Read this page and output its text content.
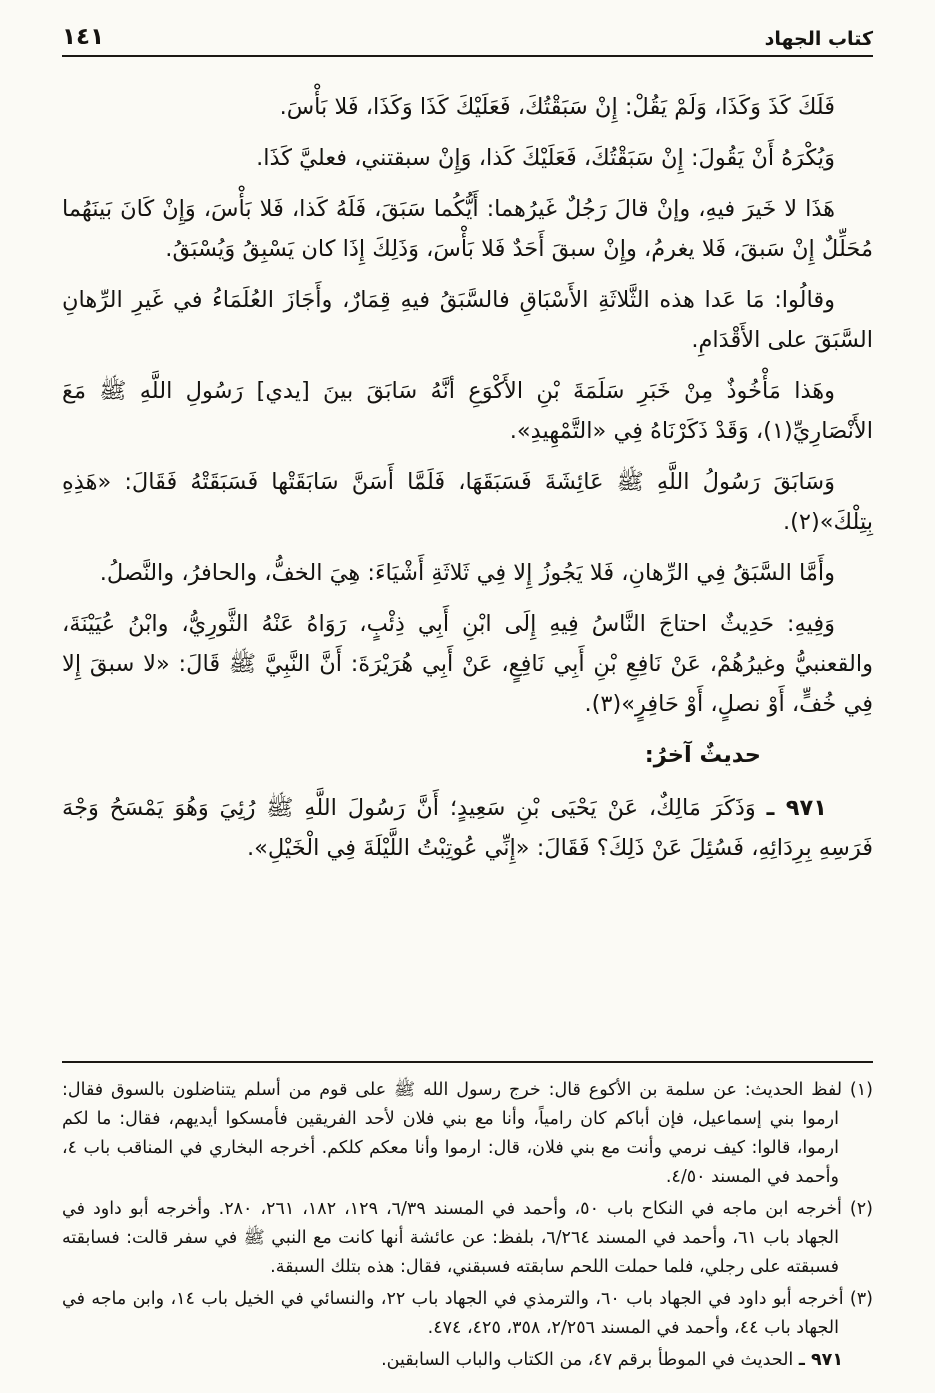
كتاب الجهاد
١٤١

فَلَكَ كَذَ وَكَذَا، وَلَمْ يَقُلْ: إِنْ سَبَقْتُكَ، فَعَلَيْكَ كَذَا وَكَذَا، فَلا بَأْسَ.

وَيُكْرَهُ أَنْ يَقُولَ: إِنْ سَبَقْتُكَ، فَعَلَيْكَ كَذا، وَإِنْ سبقتني، فعليَّ كَذَا.

هَذَا لا خَيرَ فيهِ، وإنْ قالَ رَجُلٌ غَيرُهما: أَيُّكُما سَبَقَ، فَلَهُ كَذا، فَلا بَأْسَ، وَإِنْ كَانَ بَينَهُما مُحَلِّلٌ إِنْ سَبقَ، فَلا يغرمُ، وإِنْ سبقَ أَحَدٌ فَلا بَأْسَ، وَذَلِكَ إِذَا كان يَسْبِقُ وَيُسْبَقُ.

وقالُوا: مَا عَدا هذه الثَّلاثَةِ الأَسْبَاقِ فالسَّبَقُ فيهِ قِمَارٌ، وأَجَازَ العُلَمَاءُ في غَيرِ الرِّهانِ السَّبَقَ على الأَقْدَامِ.

وهَذا مَأْخُوذٌ مِنْ خَبَرِ سَلَمَةَ بْنِ الأَكْوَعِ أنَّهُ سَابَقَ بينَ [يدي] رَسُولِ اللَّهِ ﷺ مَعَ الأَنْصَارِيِّ(١)، وَقَدْ ذَكَرْنَاهُ فِي «التَّمْهِيدِ».

وَسَابَقَ رَسُولُ اللَّهِ ﷺ عَائِشَةَ فَسَبَقَهَا، فَلَمَّا أَسَنَّ سَابَقَتْها فَسَبَقَتْهُ فَقَالَ: «هَذِهِ بِتِلْكَ»(٢).

وأَمَّا السَّبَقُ فِي الرِّهانِ، فَلا يَجُوزُ إِلا فِي ثَلاثَةِ أَشْيَاءَ: هِيَ الخفُّ، والحافرُ، والنَّصلُ.

وَفِيهِ: حَدِيثٌ احتاجَ النَّاسُ فِيهِ إِلَى ابْنِ أَبِي ذِئْبٍ، رَوَاهُ عَنْهُ الثَّورِيُّ، وابْنُ عُيَيْنَةَ، والقعنبيُّ وغيرُهُمْ، عَنْ نَافِعِ بْنِ أَبِي نَافِعٍ، عَنْ أَبِي هُرَيْرَةَ: أَنَّ النَّبِيَّ ﷺ قَالَ: «لا سبقَ إِلا فِي خُفٍّ، أَوْ نصلٍ، أَوْ حَافِرٍ»(٣).

حديثٌ آخرُ:

٩٧١ ـ وَذَكَرَ مَالِكٌ، عَنْ يَحْيَى بْنِ سَعِيدٍ؛ أَنَّ رَسُولَ اللَّهِ ﷺ رُئِيَ وَهُوَ يَمْسَحُ وَجْهَ فَرَسِهِ بِرِدَائِهِ، فَسُئِلَ عَنْ ذَلِكَ؟ فَقَالَ: «إِنِّي عُوتِبْتُ اللَّيْلَةَ فِي الْخَيْلِ».

(١) لفظ الحديث: عن سلمة بن الأكوع قال: خرج رسول الله ﷺ على قوم من أسلم يتناضلون بالسوق فقال: ارموا بني إسماعيل، فإن أباكم كان رامياً، وأنا مع بني فلان لأحد الفريقين فأمسكوا أيديهم، فقال: ما لكم ارموا، قالوا: كيف نرمي وأنت مع بني فلان، قال: ارموا وأنا معكم كلكم. أخرجه البخاري في المناقب باب ٤، وأحمد في المسند ٤/٥٠.

(٢) أخرجه ابن ماجه في النكاح باب ٥٠، وأحمد في المسند ٦/٣٩، ١٢٩، ١٨٢، ٢٦١، ٢٨٠. وأخرجه أبو داود في الجهاد باب ٦١، وأحمد في المسند ٦/٢٦٤، بلفظ: عن عائشة أنها كانت مع النبي ﷺ في سفر قالت: فسابقته فسبقته على رجلي، فلما حملت اللحم سابقته فسبقني، فقال: هذه بتلك السبقة.

(٣) أخرجه أبو داود في الجهاد باب ٦٠، والترمذي في الجهاد باب ٢٢، والنسائي في الخيل باب ١٤، وابن ماجه في الجهاد باب ٤٤، وأحمد في المسند ٢/٢٥٦، ٣٥٨، ٤٢٥، ٤٧٤.

٩٧١ ـ الحديث في الموطأ برقم ٤٧، من الكتاب والباب السابقين.
